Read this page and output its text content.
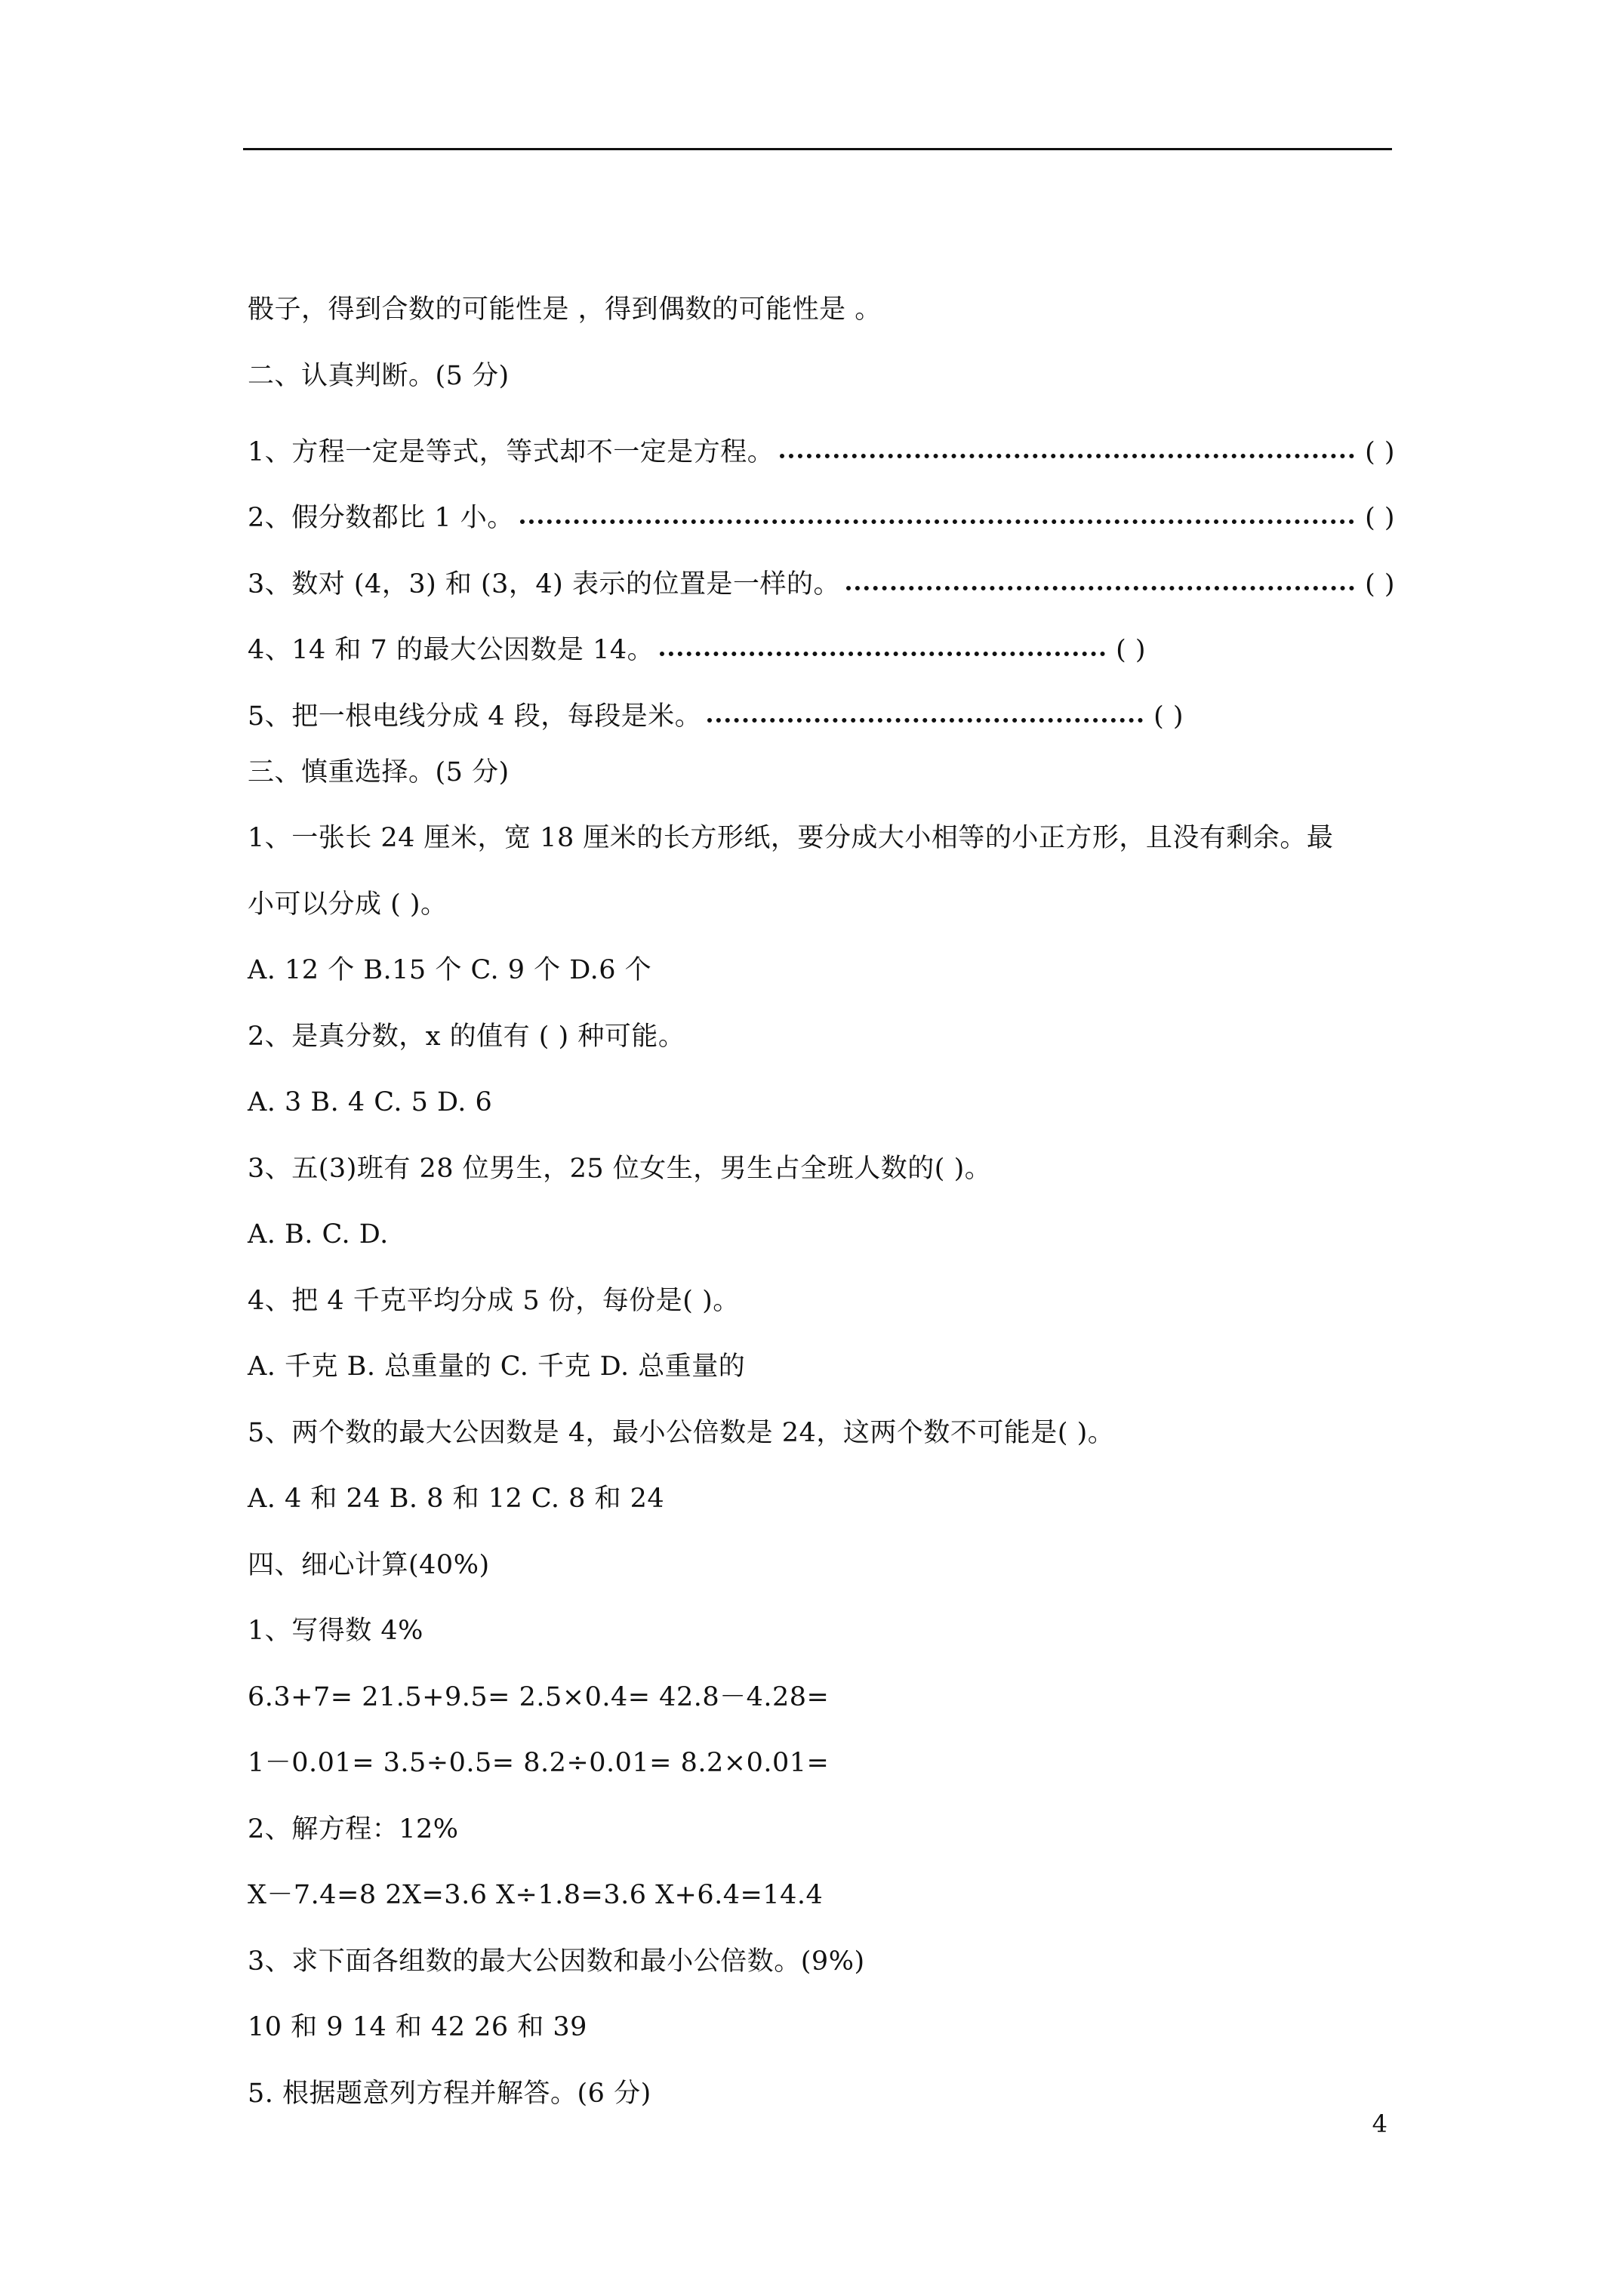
骰子，得到合数的可能性是 ，得到偶数的可能性是 。
二、认真判断。(5 分)
1、方程一定是等式，等式却不一定是方程。	( )
2、假分数都比 1 小。	( )
3、数对 (4，3) 和 (3，4) 表示的位置是一样的。	( )
4、14 和 7 的最大公因数是 14。	( )
5、把一根电线分成 4 段，每段是米。	( )
三、慎重选择。(5 分)
1、一张长 24 厘米，宽 18 厘米的长方形纸，要分成大小相等的小正方形，且没有剩余。最
小可以分成 ( )。
A. 12 个 B.15 个 C. 9 个 D.6 个
2、是真分数，x 的值有 ( ) 种可能。
A. 3 B. 4 C. 5 D. 6
3、五(3)班有 28 位男生，25 位女生，男生占全班人数的( )。
A. B. C. D.
4、把 4 千克平均分成 5 份，每份是( )。
A. 千克 B. 总重量的 C. 千克 D. 总重量的
5、两个数的最大公因数是 4，最小公倍数是 24，这两个数不可能是( )。
A. 4 和 24 B. 8 和 12 C. 8 和 24
四、细心计算(40%)
1、写得数 4%
6.3+7= 21.5+9.5= 2.5×0.4= 42.8－4.28=
1－0.01= 3.5÷0.5= 8.2÷0.01= 8.2×0.01=
2、解方程：12%
X－7.4=8 2X=3.6 X÷1.8=3.6 X+6.4=14.4
3、求下面各组数的最大公因数和最小公倍数。(9%)
10 和 9 14 和 42 26 和 39
5. 根据题意列方程并解答。(6 分)
4
